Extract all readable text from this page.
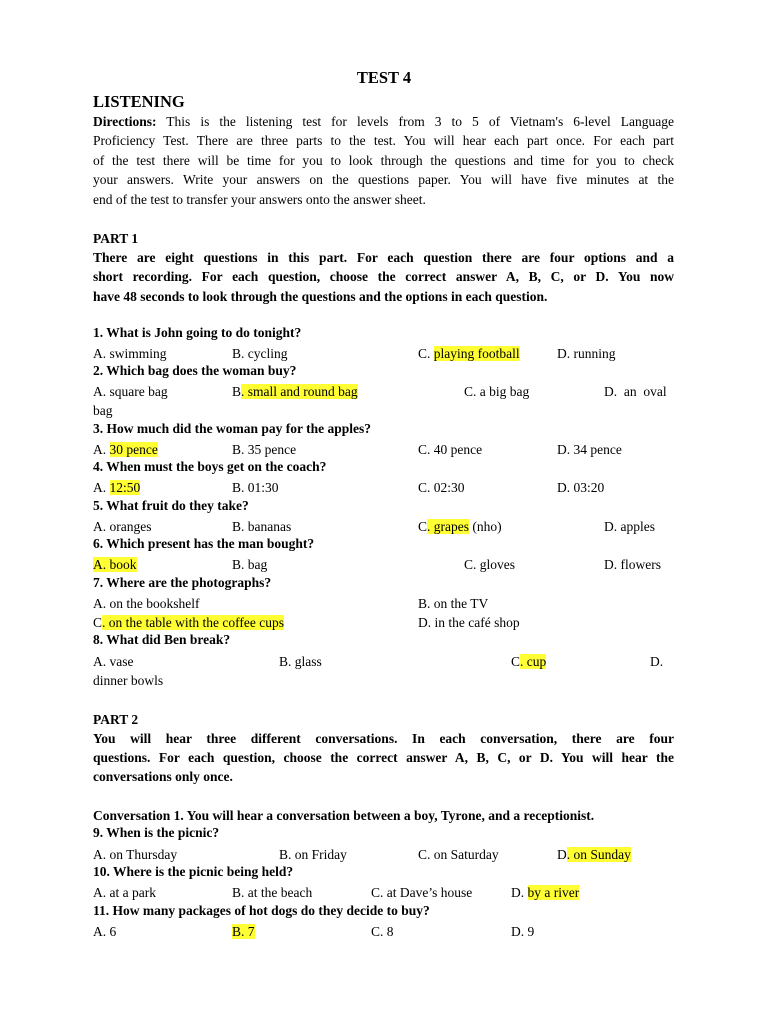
TEST 4
LISTENING
Directions: This is the listening test for levels from 3 to 5 of Vietnam's 6-level Language
Proficiency Test. There are three parts to the test. You will hear each part once. For each part
of the test there will be time for you to look through the questions and time for you to check
your answers. Write your answers on the questions paper. You will have five minutes at the
end of the test to transfer your answers onto the answer sheet.
PART 1
There are eight questions in this part. For each question there are four options and a
short recording. For each question, choose the correct answer A, B, C, or D. You now
have 48 seconds to look through the questions and the options in each question.
1. What is John going to do tonight?
A. swimming	B. cycling	C. playing football	D. running
2. Which bag does the woman buy?
A. square bag	B. small and round bag	C. a big bag	D.  an  oval
bag
3. How much did the woman pay for the apples?
A. 30 pence	B. 35 pence	C. 40 pence	D. 34 pence
4. When must the boys get on the coach?
A. 12:50	B. 01:30	C. 02:30	D. 03:20
5. What fruit do they take?
A. oranges	B. bananas	C. grapes (nho)	D. apples
6. Which present has the man bought?
A. book	B. bag	C. gloves	D. flowers
7. Where are the photographs?
A. on the bookshelf	B. on the TV
C. on the table with the coffee cups	D. in the café shop
8. What did Ben break?
A. vase	B. glass	C. cup	D.
dinner bowls
PART 2
You will hear three different conversations. In each conversation, there are four
questions. For each question, choose the correct answer A, B, C, or D. You will hear the
conversations only once.
Conversation 1. You will hear a conversation between a boy, Tyrone, and a receptionist.
9. When is the picnic?
A. on Thursday	B. on Friday	C. on Saturday	D. on Sunday
10. Where is the picnic being held?
A. at a park	B. at the beach	C. at Dave’s house	D. by a river
11. How many packages of hot dogs do they decide to buy?
A. 6	B. 7	C. 8	D. 9
